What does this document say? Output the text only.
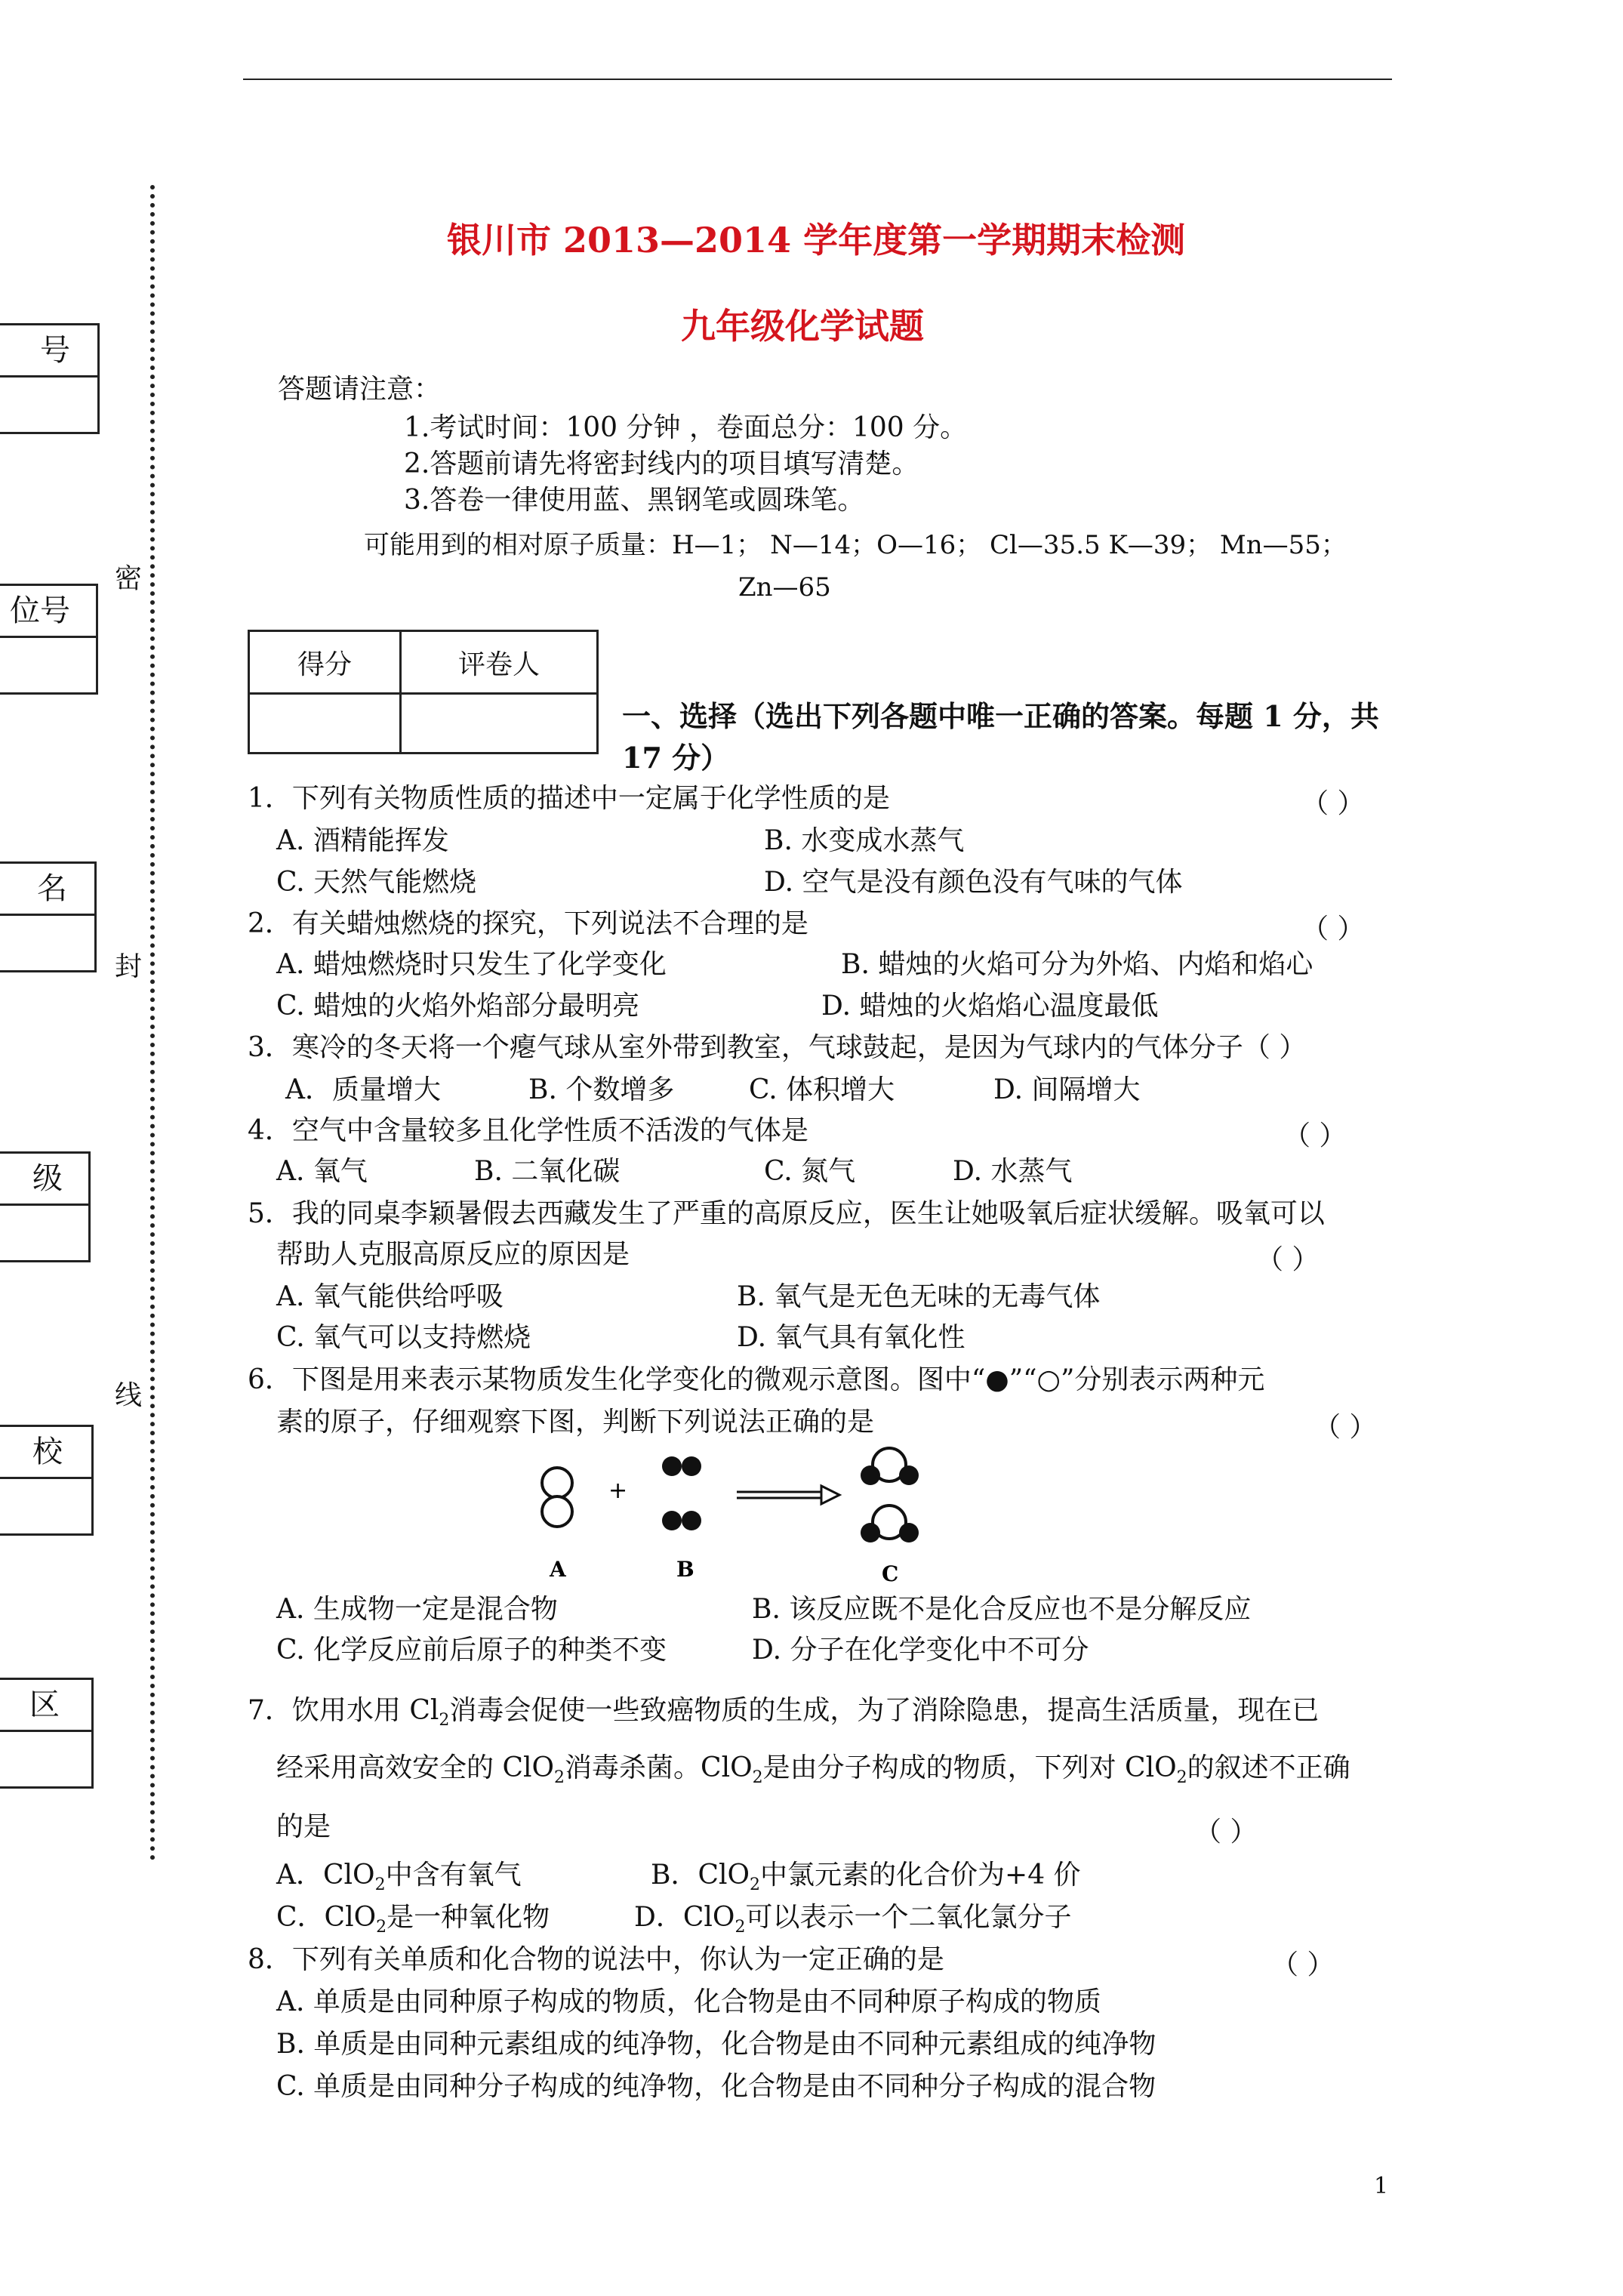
号
位号
名
级
校
区
密
封
线
银川市 2013—2014 学年度第一学期期末检测
九年级化学试题
答题请注意：
1.考试时间：100 分钟 ，卷面总分：100 分。
2.答题前请先将密封线内的项目填写清楚。
3.答卷一律使用蓝、黑钢笔或圆珠笔。
可能用到的相对原子质量：H—1； N—14；O—16； Cl—35.5 K—39； Mn—55；
Zn—65
得分	评卷人

一、选择（选出下列各题中唯一正确的答案。每题 1 分，共
17 分）
1．下列有关物质性质的描述中一定属于化学性质的是	（ ）
A. 酒精能挥发	B. 水变成水蒸气
C. 天然气能燃烧	D. 空气是没有颜色没有气味的气体
2．有关蜡烛燃烧的探究，下列说法不合理的是	（ ）
A. 蜡烛燃烧时只发生了化学变化	B. 蜡烛的火焰可分为外焰、内焰和焰心
C. 蜡烛的火焰外焰部分最明亮	D. 蜡烛的火焰焰心温度最低
3．寒冷的冬天将一个瘪气球从室外带到教室，气球鼓起，是因为气球内的气体分子（ ）
A．质量增大	B. 个数增多	C. 体积增大	D. 间隔增大
4．空气中含量较多且化学性质不活泼的气体是	（ ）
A. 氧气	B. 二氧化碳	C. 氮气	D. 水蒸气
5．我的同桌李颖暑假去西藏发生了严重的高原反应，医生让她吸氧后症状缓解。吸氧可以
帮助人克服高原反应的原因是	（ ）
A. 氧气能供给呼吸	B. 氧气是无色无味的无毒气体
C. 氧气可以支持燃烧	D. 氧气具有氧化性
6．下图是用来表示某物质发生化学变化的微观示意图。图中“●”“○”分别表示两种元
素的原子，仔细观察下图，判断下列说法正确的是	（ ）
+
A	B	C
A. 生成物一定是混合物	B. 该反应既不是化合反应也不是分解反应
C. 化学反应前后原子的种类不变	D. 分子在化学变化中不可分
7．饮用水用 $Cl_2$消毒会促使一些致癌物质的生成，为了消除隐患，提高生活质量，现在已
经采用高效安全的 ClO$_2$消毒杀菌。ClO$_2$是由分子构成的物质，下列对 ClO$_2$的叙述不正确
的是	（ ）
A．ClO$_2$中含有氧气	B．ClO$_2$中氯元素的化合价为+4 价
C．ClO$_2$是一种氧化物	D．ClO$_2$可以表示一个二氧化氯分子
8．下列有关单质和化合物的说法中，你认为一定正确的是	（ ）
A. 单质是由同种原子构成的物质，化合物是由不同种原子构成的物质
B. 单质是由同种元素组成的纯净物，化合物是由不同种元素组成的纯净物
C. 单质是由同种分子构成的纯净物，化合物是由不同种分子构成的混合物
1
